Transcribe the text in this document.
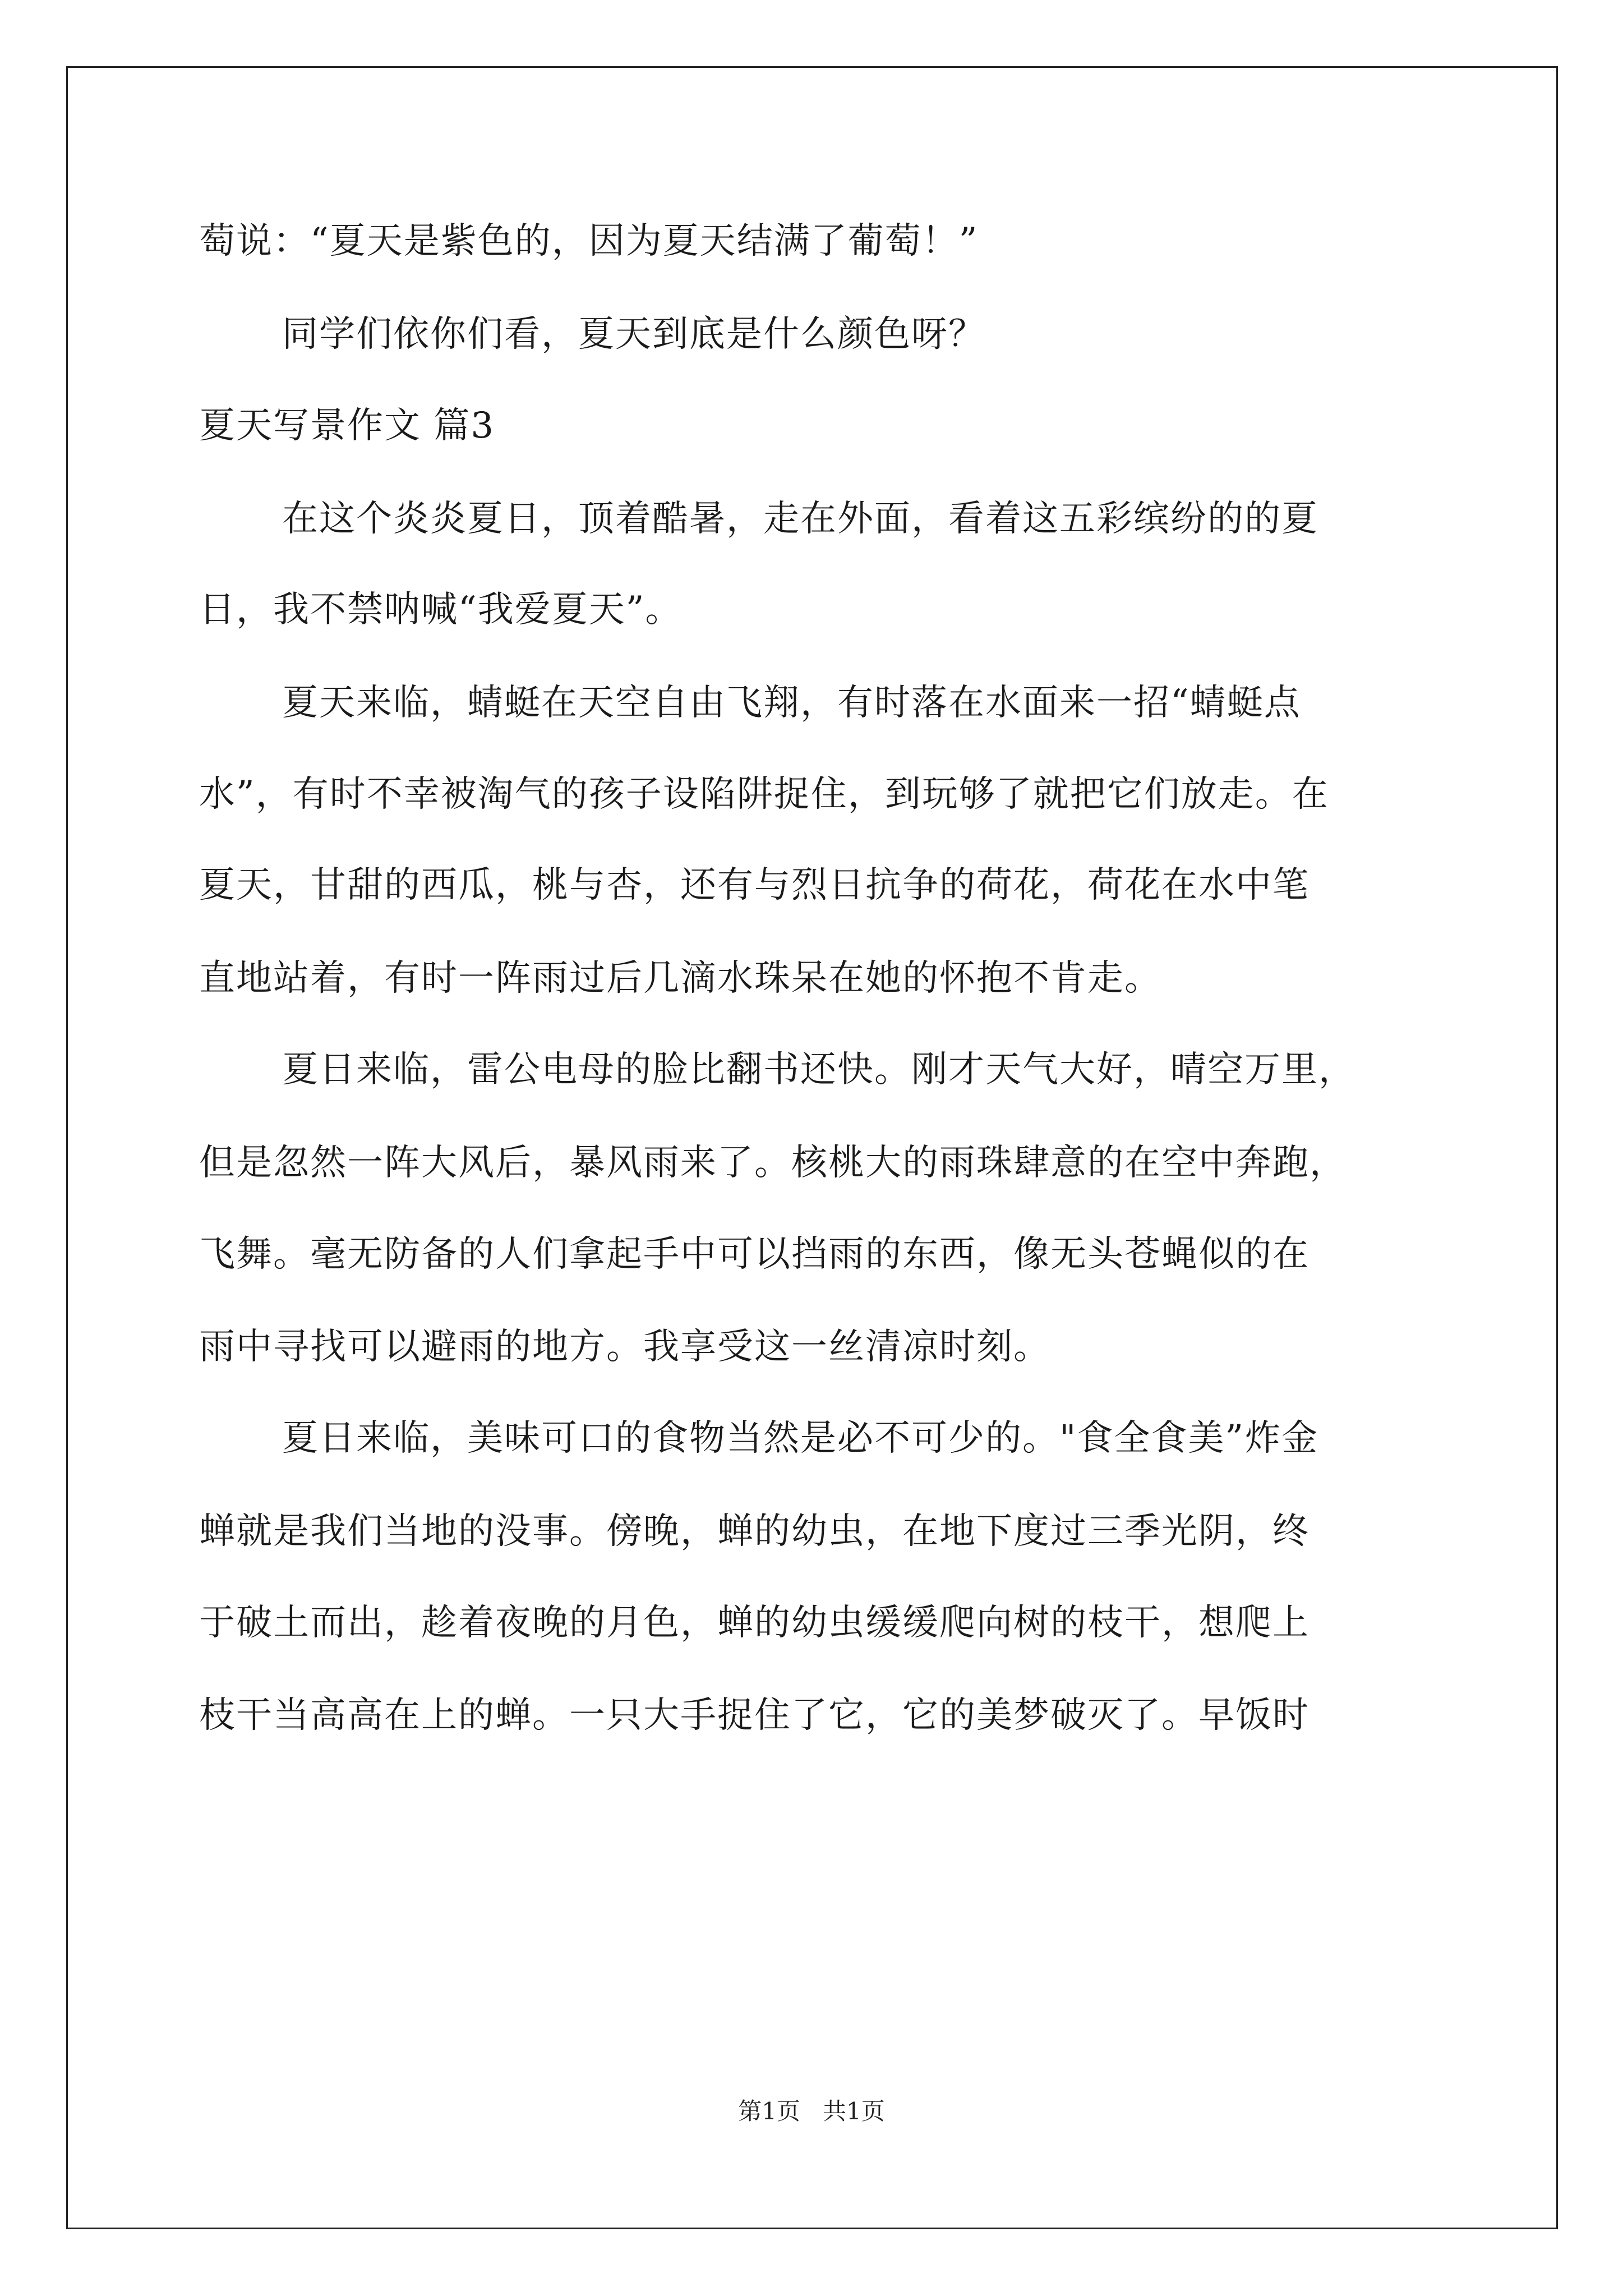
萄说：“夏天是紫色的，因为夏天结满了葡萄！”
同学们依你们看，夏天到底是什么颜色呀？
夏天写景作文 篇3
在这个炎炎夏日，顶着酷暑，走在外面，看着这五彩缤纷的的夏
日，我不禁呐喊“我爱夏天”。
夏天来临，蜻蜓在天空自由飞翔，有时落在水面来一招“蜻蜓点
水”，有时不幸被淘气的孩子设陷阱捉住，到玩够了就把它们放走。在
夏天，甘甜的西瓜，桃与杏，还有与烈日抗争的荷花，荷花在水中笔
直地站着，有时一阵雨过后几滴水珠呆在她的怀抱不肯走。
夏日来临，雷公电母的脸比翻书还快。刚才天气大好，晴空万里，
但是忽然一阵大风后，暴风雨来了。核桃大的雨珠肆意的在空中奔跑，
飞舞。毫无防备的人们拿起手中可以挡雨的东西，像无头苍蝇似的在
雨中寻找可以避雨的地方。我享受这一丝清凉时刻。
夏日来临，美味可口的食物当然是必不可少的。"食全食美”炸金
蝉就是我们当地的没事。傍晚，蝉的幼虫，在地下度过三季光阴，终
于破土而出，趁着夜晚的月色，蝉的幼虫缓缓爬向树的枝干，想爬上
枝干当高高在上的蝉。一只大手捉住了它，它的美梦破灭了。早饭时
第1页 共1页
